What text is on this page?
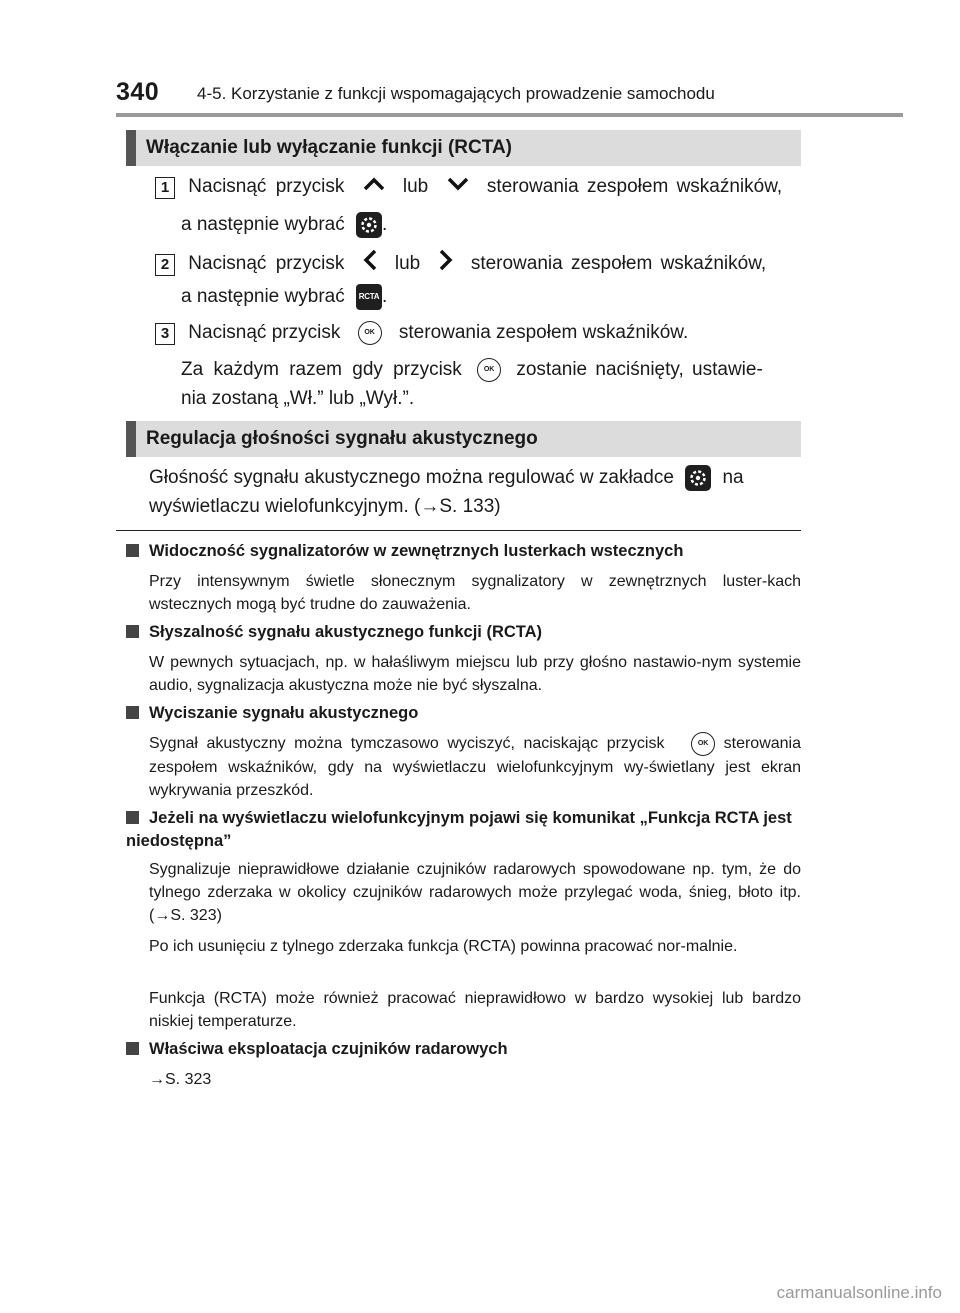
340 4-5. Korzystanie z funkcji wspomagających prowadzenie samochodu
Włączanie lub wyłączanie funkcji (RCTA)
1 Nacisnąć przycisk	lub	sterowania zespołem wskaźników,
a następnie wybrać .
2 Nacisnąć przycisk	lub	sterowania zespołem wskaźników,
a następnie wybrać RCTA .
3 Nacisnąć przycisk	OK sterowania zespołem wskaźników.
Za każdym razem gdy przycisk	OK zostanie naciśnięty, ustawie-
nia zostaną „Wł.” lub „Wył.”.
Regulacja głośności sygnału akustycznego
Głośność sygnału akustycznego można regulować w zakładce	na
wyświetlaczu wielofunkcyjnym. (→S. 133)
Widoczność sygnalizatorów w zewnętrznych lusterkach wstecznych
Przy intensywnym świetle słonecznym sygnalizatory w zewnętrznych luster-kach wstecznych mogą być trudne do zauważenia.
Słyszalność sygnału akustycznego funkcji (RCTA)
W pewnych sytuacjach, np. w hałaśliwym miejscu lub przy głośno nastawio-nym systemie audio, sygnalizacja akustyczna może nie być słyszalna.
Wyciszanie sygnału akustycznego
Sygnał akustyczny można tymczasowo wyciszyć, naciskając przycisk	OK sterowania zespołem wskaźników, gdy na wyświetlaczu wielofunkcyjnym wy-świetlany jest ekran wykrywania przeszkód.
Jeżeli na wyświetlaczu wielofunkcyjnym pojawi się komunikat „Funkcja RCTA jest niedostępna”
Sygnalizuje nieprawidłowe działanie czujników radarowych spowodowane np. tym, że do tylnego zderzaka w okolicy czujników radarowych może przylegać woda, śnieg, błoto itp. (→S. 323)
Po ich usunięciu z tylnego zderzaka funkcja (RCTA) powinna pracować nor-malnie.
Funkcja (RCTA) może również pracować nieprawidłowo w bardzo wysokiej lub bardzo niskiej temperaturze.
Właściwa eksploatacja czujników radarowych
→S. 323
carmanualsonline.info
